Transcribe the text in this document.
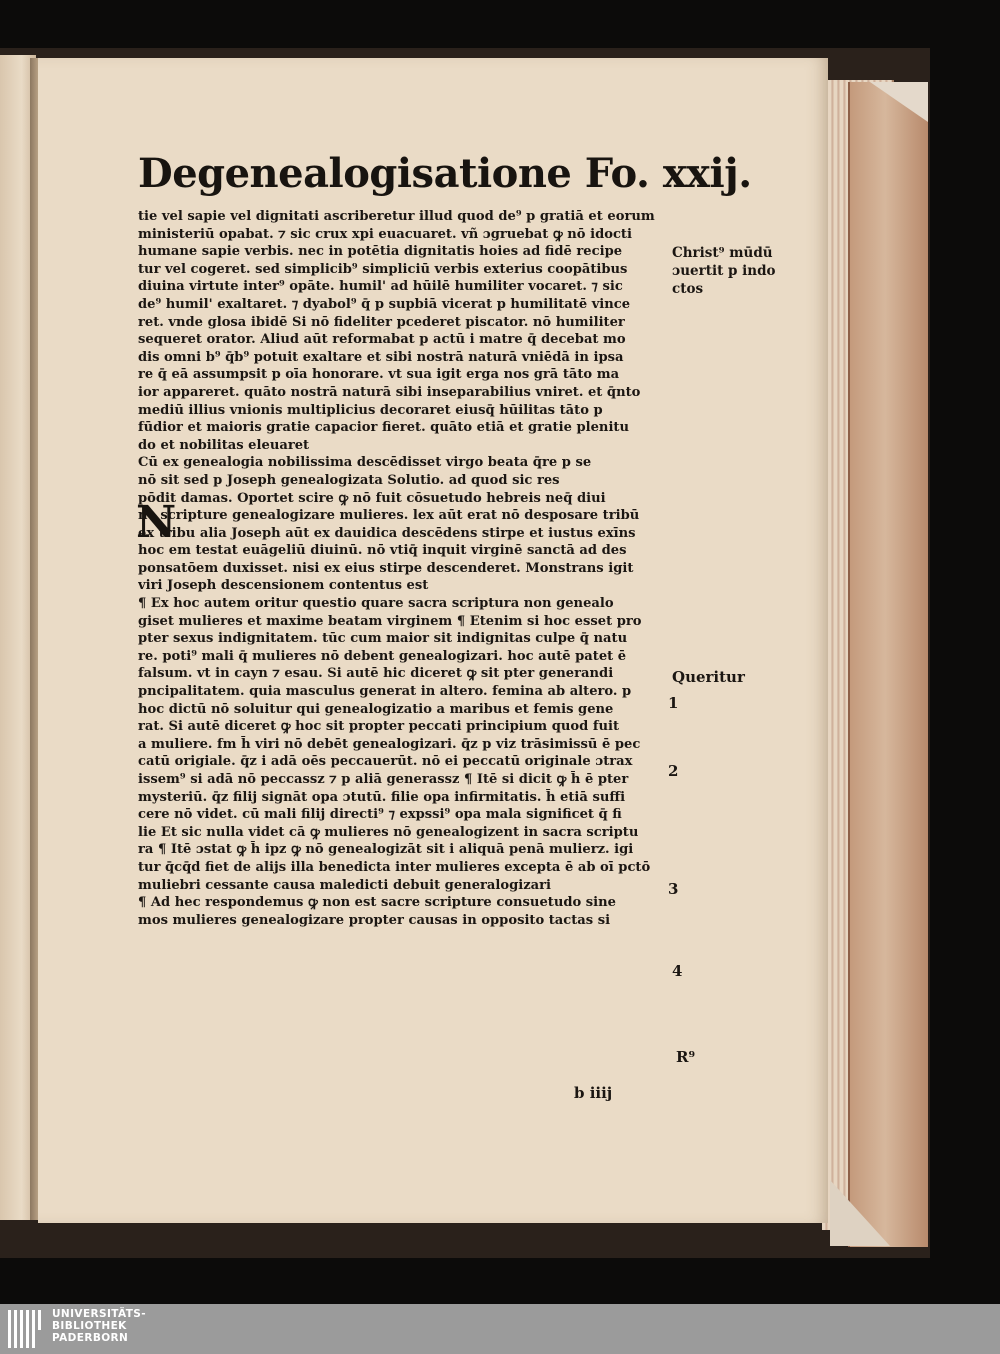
Degenealogisatione Fo. xxij.
tie vel sapie vel dignitati ascriberetur illud quod de⁹ p gratiā et eorum
ministeriū opabat. ⁊ sic crux xpi euacuaret. vñ ɔgruebat ꝙ nō idocti
humane sapie verbis. nec in potētia dignitatis hoies ad fidē recipe
tur vel cogeret. sed simplicib⁹ simpliciū verbis exterius coopātibus
diuina virtute inter⁹ opāte. humil' ad hūilē humiliter vocaret. ⁊ sic
de⁹ humil' exaltaret. ⁊ dyabol⁹ q̄ p supbiā vicerat p humilitatē vince
ret. vnde glosa ibidē Si nō fideliter pcederet piscator. nō humiliter
sequeret orator. Aliud aūt reformabat p actū i matre q̄ decebat mo
dis omni b⁹ q̄b⁹ potuit exaltare et sibi nostrā naturā vniēdā in ipsa
re q̄ eā assumpsit p oīa honorare. vt sua igit erga nos grā tāto ma
ior appareret. quāto nostrā naturā sibi inseparabilius vniret. et q̄nto
mediū illius vnionis multiplicius decoraret eiusq̄ hūilitas tāto p
fūdior et maioris gratie capacior fieret. quāto etiā et gratie plenitu
do et nobilitas eleuaret
Cū ex genealogia nobilissima descēdisset virgo beata q̄re p se
nō sit sed p Joseph genealogizata Solutio. ad quod sic res
pōdit damas. Oportet scire ꝙ nō fuit cōsuetudo hebreis neq̄ diui
ne scripture genealogizare mulieres. lex aūt erat nō desposare tribū
ex tribu alia Joseph aūt ex dauidica descēdens stirpe et iustus exīns
hoc em testat euāgeliū diuinū. nō vtiq̄ inquit virginē sanctā ad des
ponsatōem duxisset. nisi ex eius stirpe descenderet. Monstrans igit
viri Joseph descensionem contentus est
¶ Ex hoc autem oritur questio quare sacra scriptura non genealo
giset mulieres et maxime beatam virginem ¶ Etenim si hoc esset pro
pter sexus indignitatem. tūc cum maior sit indignitas culpe q̄ natu
re. poti⁹ mali q̄ mulieres nō debent genealogizari. hoc autē patet ē
falsum. vt in cayn ⁊ esau. Si autē hic diceret ꝙ sit pter generandi
pncipalitatem. quia masculus generat in altero. femina ab altero. p
hoc dictū nō soluitur qui genealogizatio a maribus et femis gene
rat. Si autē diceret ꝙ hoc sit propter peccati principium quod fuit
a muliere. fm h̄ viri nō debēt genealogizari. q̄z p viz trāsimissū ē pec
catū origiale. q̄z i adā oēs peccauerūt. nō ei peccatū originale ɔtrax
issem⁹ si adā nō peccassz ⁊ p aliā generassz ¶ Itē si dicit ꝙ h̄ ē pter
mysteriū. q̄z filij signāt opa ɔtutū. filie opa infirmitatis. h̄ etiā suffi
cere nō videt. cū mali filij directi⁹ ⁊ expssi⁹ opa mala significet q̄ fi
lie Et sic nulla videt cā ꝙ mulieres nō genealogizent in sacra scriptu
ra ¶ Itē ɔstat ꝙ h̄ ipz ꝙ nō genealogizāt sit i aliquā penā mulierz. igi
tur q̄cq̄d fiet de alijs illa benedicta inter mulieres excepta ē ab oī pctō
muliebri cessante causa maledicti debuit generalogizari
¶ Ad hec respondemus ꝙ non est sacre scripture consuetudo sine
mos mulieres genealogizare propter causas in opposito tactas si
N
Christ⁹ mūdū
ɔuertit p indo
ctos
Queritur
1
2
3
4
R⁹
b iiij
UNIVERSITÄTS-
BIBLIOTHEK
PADERBORN
